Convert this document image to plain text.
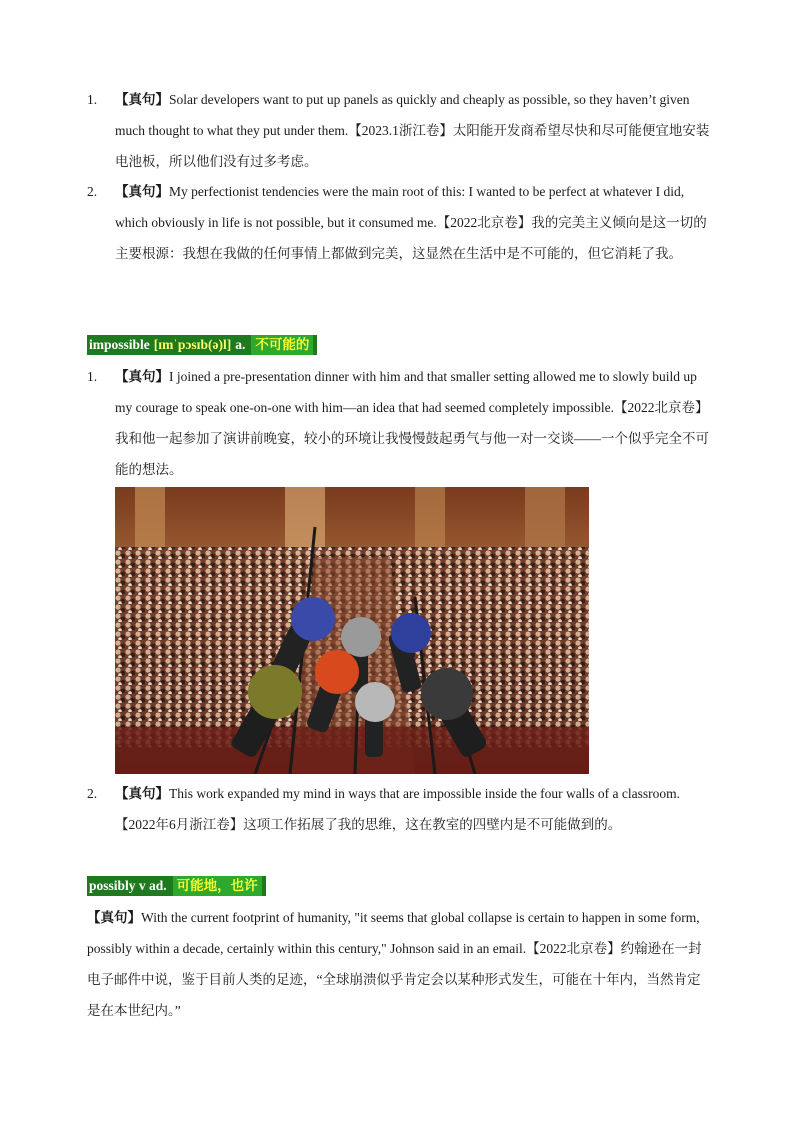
1.	【真句】Solar developers want to put up panels as quickly and cheaply as possible, so they haven’t given much thought to what they put under them.【2023.1浙江卷】太阳能开发商希望尽快和尽可能便宜地安装电池板，所以他们没有过多考虑。
2.	【真句】My perfectionist tendencies were the main root of this: I wanted to be perfect at whatever I did, which obviously in life is not possible, but it consumed me.【2022北京卷】我的完美主义倾向是这一切的主要根源：我想在我做的任何事情上都做到完美，这显然在生活中是不可能的，但它消耗了我。
impossible [ɪmˈpɔsɪb(ə)l] a. 不可能的
1.	【真句】I joined a pre-presentation dinner with him and that smaller setting allowed me to slowly build up my courage to speak one-on-one with him—an idea that had seemed completely impossible.【2022北京卷】我和他一起参加了演讲前晚宴，较小的环境让我慢慢鼓起勇气与他一对一交谈——一个似乎完全不可能的想法。
2.	【真句】This work expanded my mind in ways that are impossible inside the four walls of a classroom.【2022年6月浙江卷】这项工作拓展了我的思维，这在教室的四壁内是不可能做到的。
possibly v ad. 可能地，也许
【真句】With the current footprint of humanity, "it seems that global collapse is certain to happen in some form, possibly within a decade, certainly within this century," Johnson said in an email.【2022北京卷】约翰逊在一封电子邮件中说，鉴于目前人类的足迹，“全球崩溃似乎肯定会以某种形式发生，可能在十年内，当然肯定是在本世纪内。”
